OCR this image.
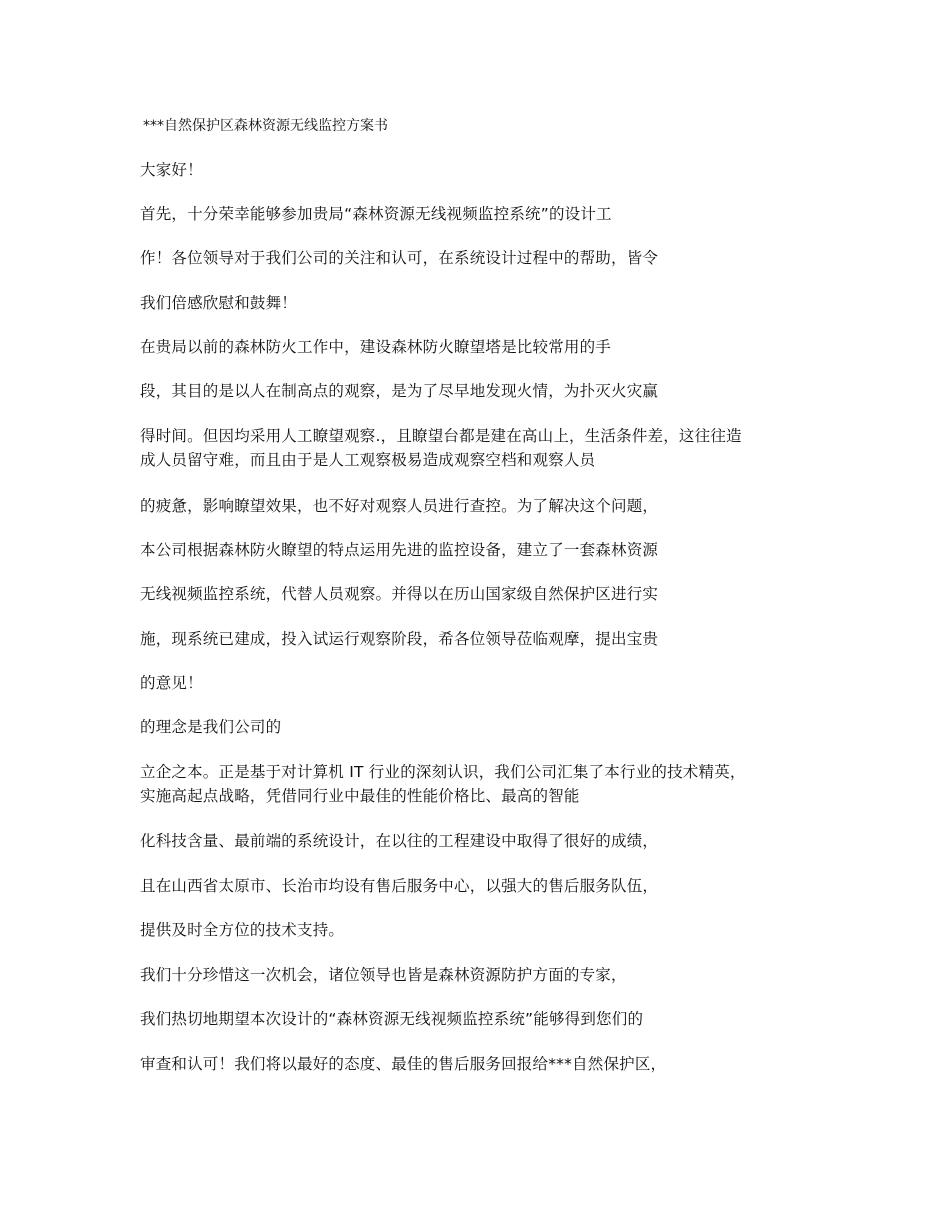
***自然保护区森林资源无线监控方案书
大家好！
首先，十分荣幸能够参加贵局“森林资源无线视频监控系统”的设计工
作！各位领导对于我们公司的关注和认可，在系统设计过程中的帮助，皆令
我们倍感欣慰和鼓舞！
在贵局以前的森林防火工作中，建设森林防火瞭望塔是比较常用的手
段，其目的是以人在制高点的观察，是为了尽早地发现火情，为扑灭火灾赢
得时间。但因均采用人工瞭望观察.，且瞭望台都是建在高山上，生活条件差，这往往造
成人员留守难，而且由于是人工观察极易造成观察空档和观察人员
的疲惫，影响瞭望效果，也不好对观察人员进行查控。为了解决这个问题，
本公司根据森林防火瞭望的特点运用先进的监控设备，建立了一套森林资源
无线视频监控系统，代替人员观察。并得以在历山国家级自然保护区进行实
施，现系统已建成，投入试运行观察阶段，希各位领导莅临观摩，提出宝贵
的意见！
的理念是我们公司的
立企之本。正是基于对计算机 IT 行业的深刻认识，我们公司汇集了本行业的技术精英，
实施高起点战略，凭借同行业中最佳的性能价格比、最高的智能
化科技含量、最前端的系统设计，在以往的工程建设中取得了很好的成绩，
且在山西省太原市、长治市均设有售后服务中心，以强大的售后服务队伍，
提供及时全方位的技术支持。
我们十分珍惜这一次机会，诸位领导也皆是森林资源防护方面的专家，
我们热切地期望本次设计的“森林资源无线视频监控系统”能够得到您们的
审查和认可！我们将以最好的态度、最佳的售后服务回报给***自然保护区，
